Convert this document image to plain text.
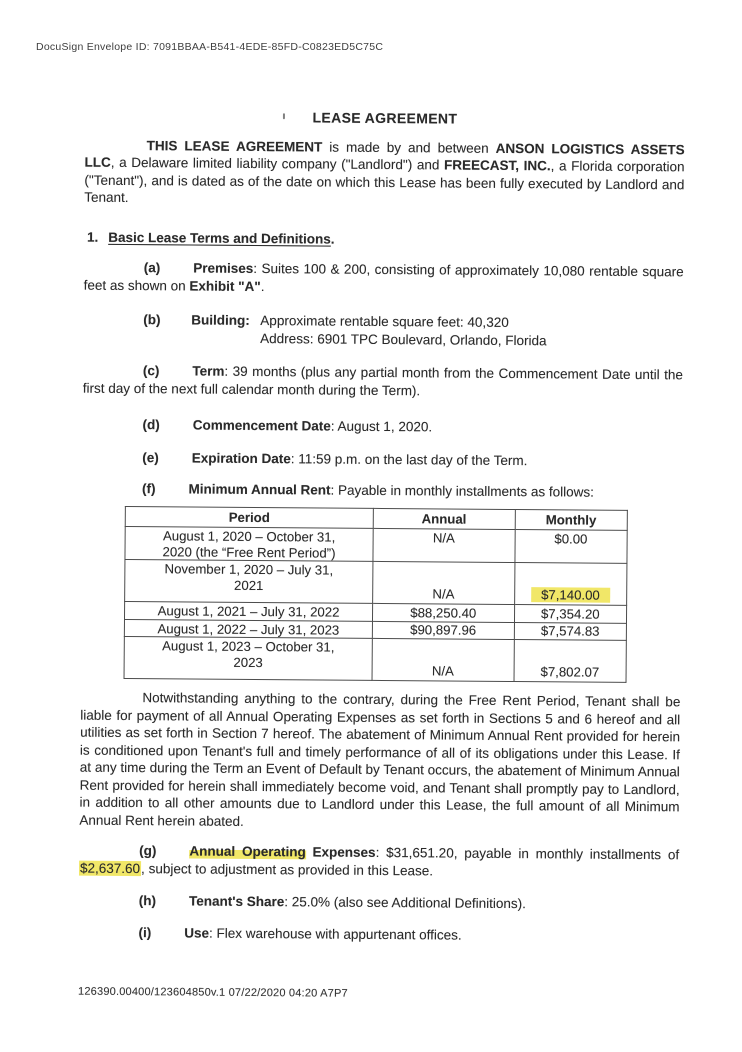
DocuSign Envelope ID: 7091BBAA-B541-4EDE-85FD-C0823ED5C75C
LEASE AGREEMENT

THIS LEASE AGREEMENT is made by and between ANSON LOGISTICS ASSETS LLC, a Delaware limited liability company ("Landlord") and FREECAST, INC., a Florida corporation ("Tenant"), and is dated as of the date on which this Lease has been fully executed by Landlord and Tenant.

1. Basic Lease Terms and Definitions.

(a) Premises: Suites 100 & 200, consisting of approximately 10,080 rentable square feet as shown on Exhibit "A".

(b)	Building: Approximate rentable square feet: 40,320
Address: 6901 TPC Boulevard, Orlando, Florida

(c) Term: 39 months (plus any partial month from the Commencement Date until the first day of the next full calendar month during the Term).

(d) Commencement Date: August 1, 2020.

(e) Expiration Date: 11:59 p.m. on the last day of the Term.

(f) Minimum Annual Rent: Payable in monthly installments as follows:

Period	Annual	Monthly

August 1, 2020 – October 31,
2020 (the “Free Rent Period”)	N/A	$0.00

November 1, 2020 – July 31,
2021	N/A	$7,140.00

August 1, 2021 – July 31, 2022	$88,250.40	$7,354.20

August 1, 2022 – July 31, 2023	$90,897.96	$7,574.83

August 1, 2023 – October 31,
2023	N/A	$7,802.07

Notwithstanding anything to the contrary, during the Free Rent Period, Tenant shall be liable for payment of all Annual Operating Expenses as set forth in Sections 5 and 6 hereof and all utilities as set forth in Section 7 hereof. The abatement of Minimum Annual Rent provided for herein is conditioned upon Tenant's full and timely performance of all of its obligations under this Lease. If at any time during the Term an Event of Default by Tenant occurs, the abatement of Minimum Annual Rent provided for herein shall immediately become void, and Tenant shall promptly pay to Landlord, in addition to all other amounts due to Landlord under this Lease, the full amount of all Minimum Annual Rent herein abated.

(g) Annual Operating Expenses: $31,651.20, payable in monthly installments of $2,637.60, subject to adjustment as provided in this Lease.

(h) Tenant's Share: 25.0% (also see Additional Definitions).

(i) Use: Flex warehouse with appurtenant offices.

126390.00400/123604850v.1 07/22/2020 04:20 A7P7
